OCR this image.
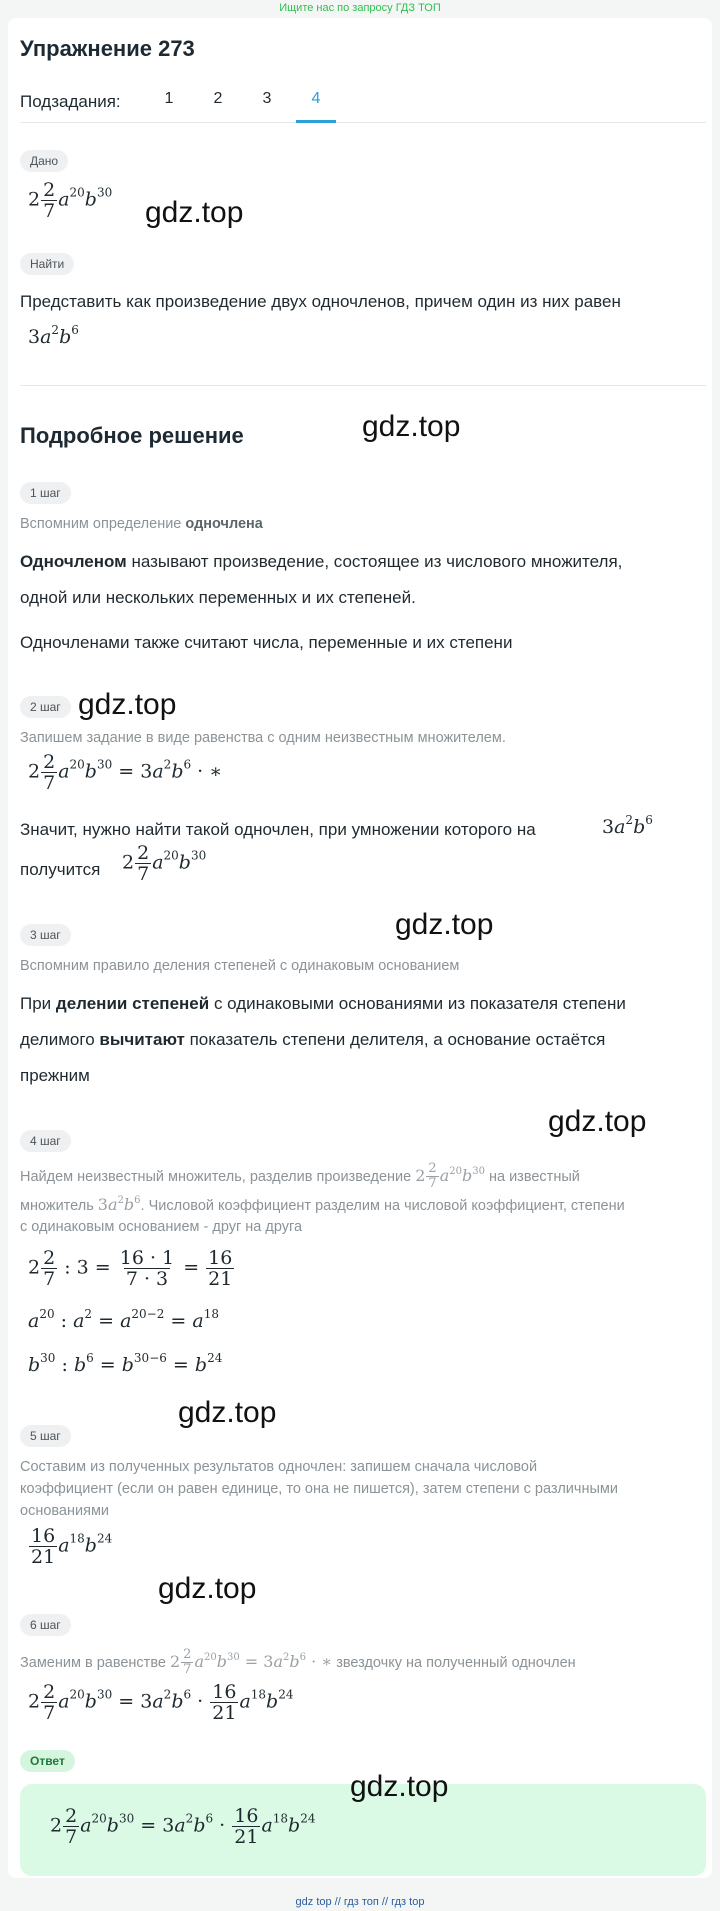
Ищите нас по запросу ГДЗ ТОП
Упражнение 273
Подзадания:	1	2	3	4
Дано
$2 \frac{2}{7} a^{20}b^{30}$
Найти
Представить как произведение двух одночленов, причем один из них равен
$3a^2b^6$
Подробное решение
1 шаг
Вспомним определение одночлена
Одночленом называют произведение, состоящее из числового множителя,
одной или нескольких переменных и их степеней.
Одночленами также считают числа, переменные и их степени
2 шаг
Запишем задание в виде равенства с одним неизвестным множителем.
$2 \frac{2}{7} a^{20}b^{30} = 3a^2b^6$ · ∗
Значит, нужно найти такой одночлен, при умножении которого на	$3a^2b^6$
получится $2 \frac{2}{7} a^{20}b^{30}$
3 шаг
Вспомним правило деления степеней с одинаковым основанием
При делении степеней с одинаковыми основаниями из показателя степени
делимого вычитают показатель степени делителя, а основание остаётся
прежним
4 шаг
Найдем неизвестный множитель, разделив произведение $2 \frac{2}{7} a^{20}b^{30}$ на известный
множитель $3a^2b^6$. Числовой коэффициент разделим на числовой коэффициент, степени
с одинаковым основанием - друг на друга
$2 \frac{2}{7}$ : $3 = \frac{16 \cdot 1}{7 \cdot 3} = \frac{16}{21}$
$a^{20}$ : $a^2 = a^{20-2} = a^{18}$
$b^{30}$ : $b^6 = b^{30-6} = b^{24}$
5 шаг
Составим из полученных результатов одночлен: запишем сначала числовой
коэффициент (если он равен единице, то она не пишется), затем степени с различными
основаниями
$\frac{16}{21} a^{18}b^{24}$
6 шаг
Заменим в равенстве $2 \frac{2}{7} a^{20}b^{30} = 3a^2b^6$ · ∗ звездочку на полученный одночлен
$2 \frac{2}{7} a^{20}b^{30} = 3a^2b^6 \cdot \frac{16}{21} a^{18}b^{24}$
Ответ
$2 \frac{2}{7} a^{20}b^{30} = 3a^2b^6 \cdot \frac{16}{21} a^{18}b^{24}$
gdz.top
gdz.top
gdz.top
gdz.top
gdz.top
gdz.top
gdz.top
gdz.top
gdz top // гдз топ // гдз top
